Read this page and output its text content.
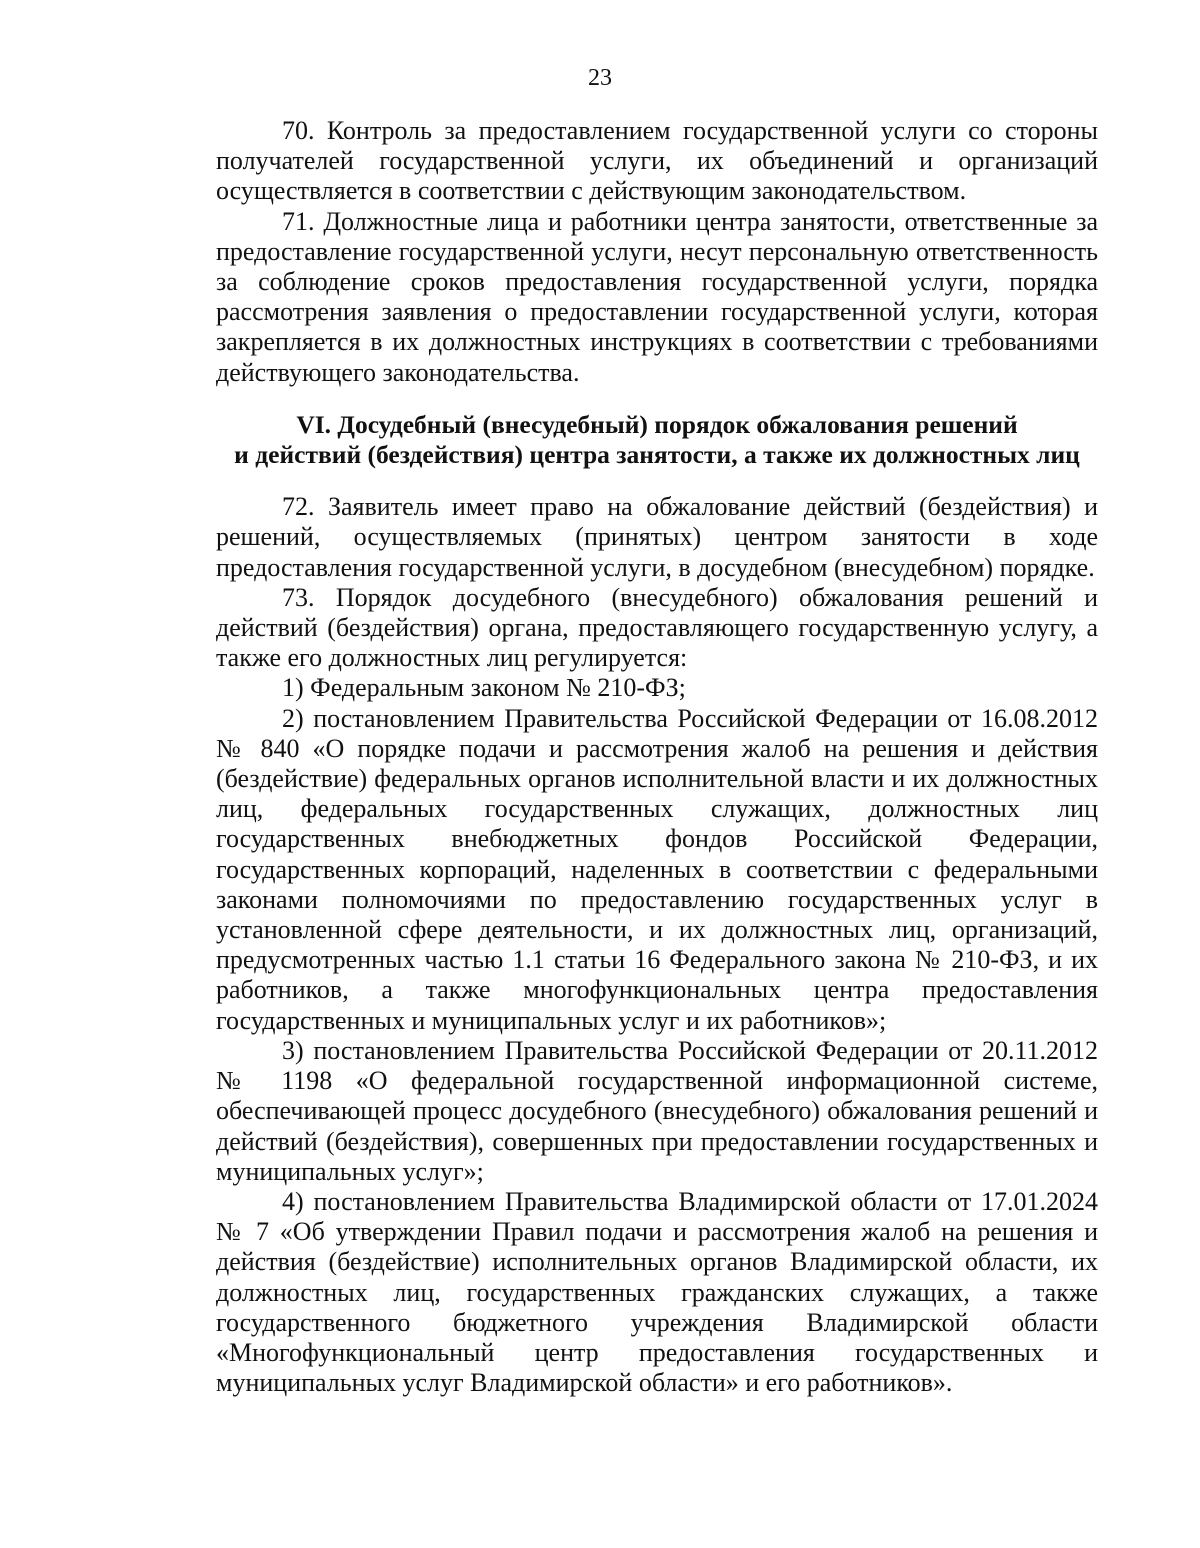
23

70. Контроль за предоставлением государственной услуги со стороны получателей государственной услуги, их объединений и организаций осуществляется в соответствии с действующим законодательством.

71. Должностные лица и работники центра занятости, ответственные за предоставление государственной услуги, несут персональную ответственность за соблюдение сроков предоставления государственной услуги, порядка рассмотрения заявления о предоставлении государственной услуги, которая закрепляется в их должностных инструкциях в соответствии с требованиями действующего законодательства.

VI. Досудебный (внесудебный) порядок обжалования решений
и действий (бездействия) центра занятости, а также их должностных лиц

72. Заявитель имеет право на обжалование действий (бездействия) и решений, осуществляемых (принятых) центром занятости в ходе предоставления государственной услуги, в досудебном (внесудебном) порядке.

73. Порядок досудебного (внесудебного) обжалования решений и действий (бездействия) органа, предоставляющего государственную услугу, а также его должностных лиц регулируется:

1) Федеральным законом № 210-ФЗ;

2) постановлением Правительства Российской Федерации от 16.08.2012 № 840 «О порядке подачи и рассмотрения жалоб на решения и действия (бездействие) федеральных органов исполнительной власти и их должностных лиц, федеральных государственных служащих, должностных лиц государственных внебюджетных фондов Российской Федерации, государственных корпораций, наделенных в соответствии с федеральными законами полномочиями по предоставлению государственных услуг в установленной сфере деятельности, и их должностных лиц, организаций, предусмотренных частью 1.1 статьи 16 Федерального закона № 210-ФЗ, и их работников, а также многофункциональных центра предоставления государственных и муниципальных услуг и их работников»;

3) постановлением Правительства Российской Федерации от 20.11.2012 № 1198 «О федеральной государственной информационной системе, обеспечивающей процесс досудебного (внесудебного) обжалования решений и действий (бездействия), совершенных при предоставлении государственных и муниципальных услуг»;

4) постановлением Правительства Владимирской области от 17.01.2024 № 7 «Об утверждении Правил подачи и рассмотрения жалоб на решения и действия (бездействие) исполнительных органов Владимирской области, их должностных лиц, государственных гражданских служащих, а также государственного бюджетного учреждения Владимирской области «Многофункциональный центр предоставления государственных и муниципальных услуг Владимирской области» и его работников».
